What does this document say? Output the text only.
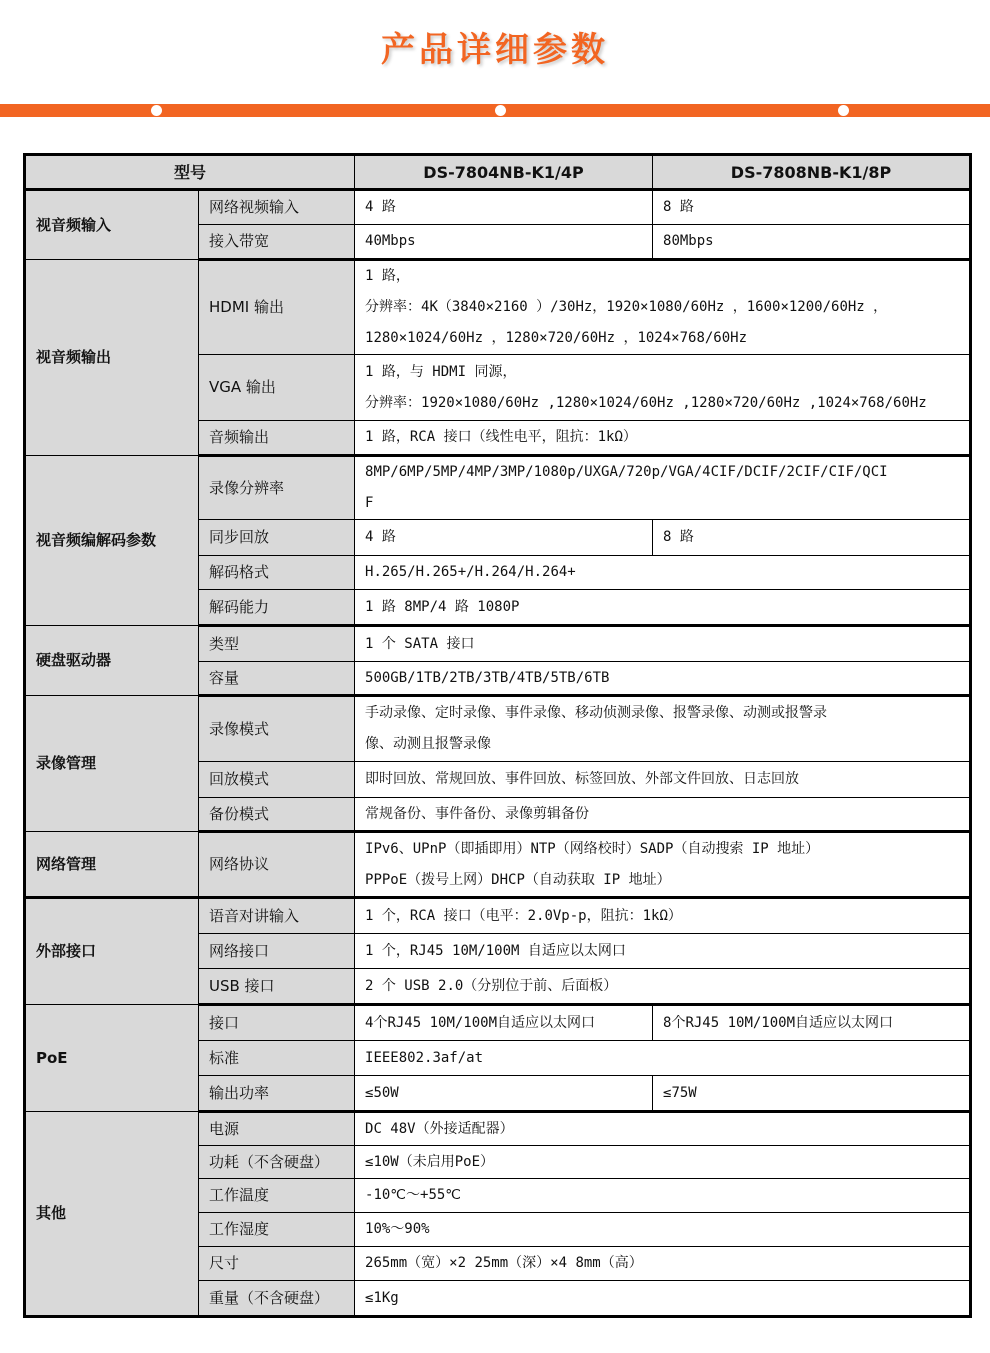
产品详细参数
型号		DS-7804NB-K1/4P	DS-7808NB-K1/8P
视音频输入	网络视频输入	4 路	8 路
	接入带宽	40Mbps	80Mbps
视音频输出	HDMI 输出	1 路，
分辨率：4K（3840×2160 ）/30Hz，1920×1080/60Hz ，1600×1200/60Hz ，
1280×1024/60Hz ，1280×720/60Hz ，1024×768/60Hz	

	VGA 输出	1 路，与 HDMI 同源，
分辨率：1920×1080/60Hz ,1280×1024/60Hz ,1280×720/60Hz ,1024×768/60Hz	

	音频输出	1 路，RCA 接口（线性电平，阻抗：1kΩ）	
视音频编解码参数	录像分辨率	8MP/6MP/5MP/4MP/3MP/1080p/UXGA/720p/VGA/4CIF/DCIF/2CIF/CIF/QCI
F	

	同步回放	4 路	8 路
	解码格式	H.265/H.265+/H.264/H.264+	
	解码能力	1 路 8MP/4 路 1080P	
硬盘驱动器	类型	1 个 SATA 接口	
	容量	500GB/1TB/2TB/3TB/4TB/5TB/6TB	
录像管理	录像模式	手动录像、定时录像、事件录像、移动侦测录像、报警录像、动测或报警录
像、动测且报警录像	

	回放模式	即时回放、常规回放、事件回放、标签回放、外部文件回放、日志回放	
	备份模式	常规备份、事件备份、录像剪辑备份	
网络管理	网络协议	IPv6、UPnP（即插即用）NTP（网络校时）SADP（自动搜索 IP 地址）
PPPoE（拨号上网）DHCP（自动获取 IP 地址）	

外部接口	语音对讲输入	1 个，RCA 接口（电平：2.0Vp-p，阻抗：1kΩ）	
	网络接口	1 个，RJ45 10M/100M 自适应以太网口	
	USB 接口	2 个 USB 2.0（分别位于前、后面板）	
PoE	接口	4个RJ45 10M/100M自适应以太网口	8个RJ45 10M/100M自适应以太网口
	标准	IEEE802.3af/at	
	输出功率	≤50W	≤75W
其他	电源	DC 48V（外接适配器）	
	功耗（不含硬盘）	≤10W（未启用PoE）	
	工作温度	-10℃～+55℃	
	工作湿度	10%～90%	
	尺寸	265mm（宽）×2 25mm（深）×4 8mm（高）	
	重量（不含硬盘）	≤1Kg	
